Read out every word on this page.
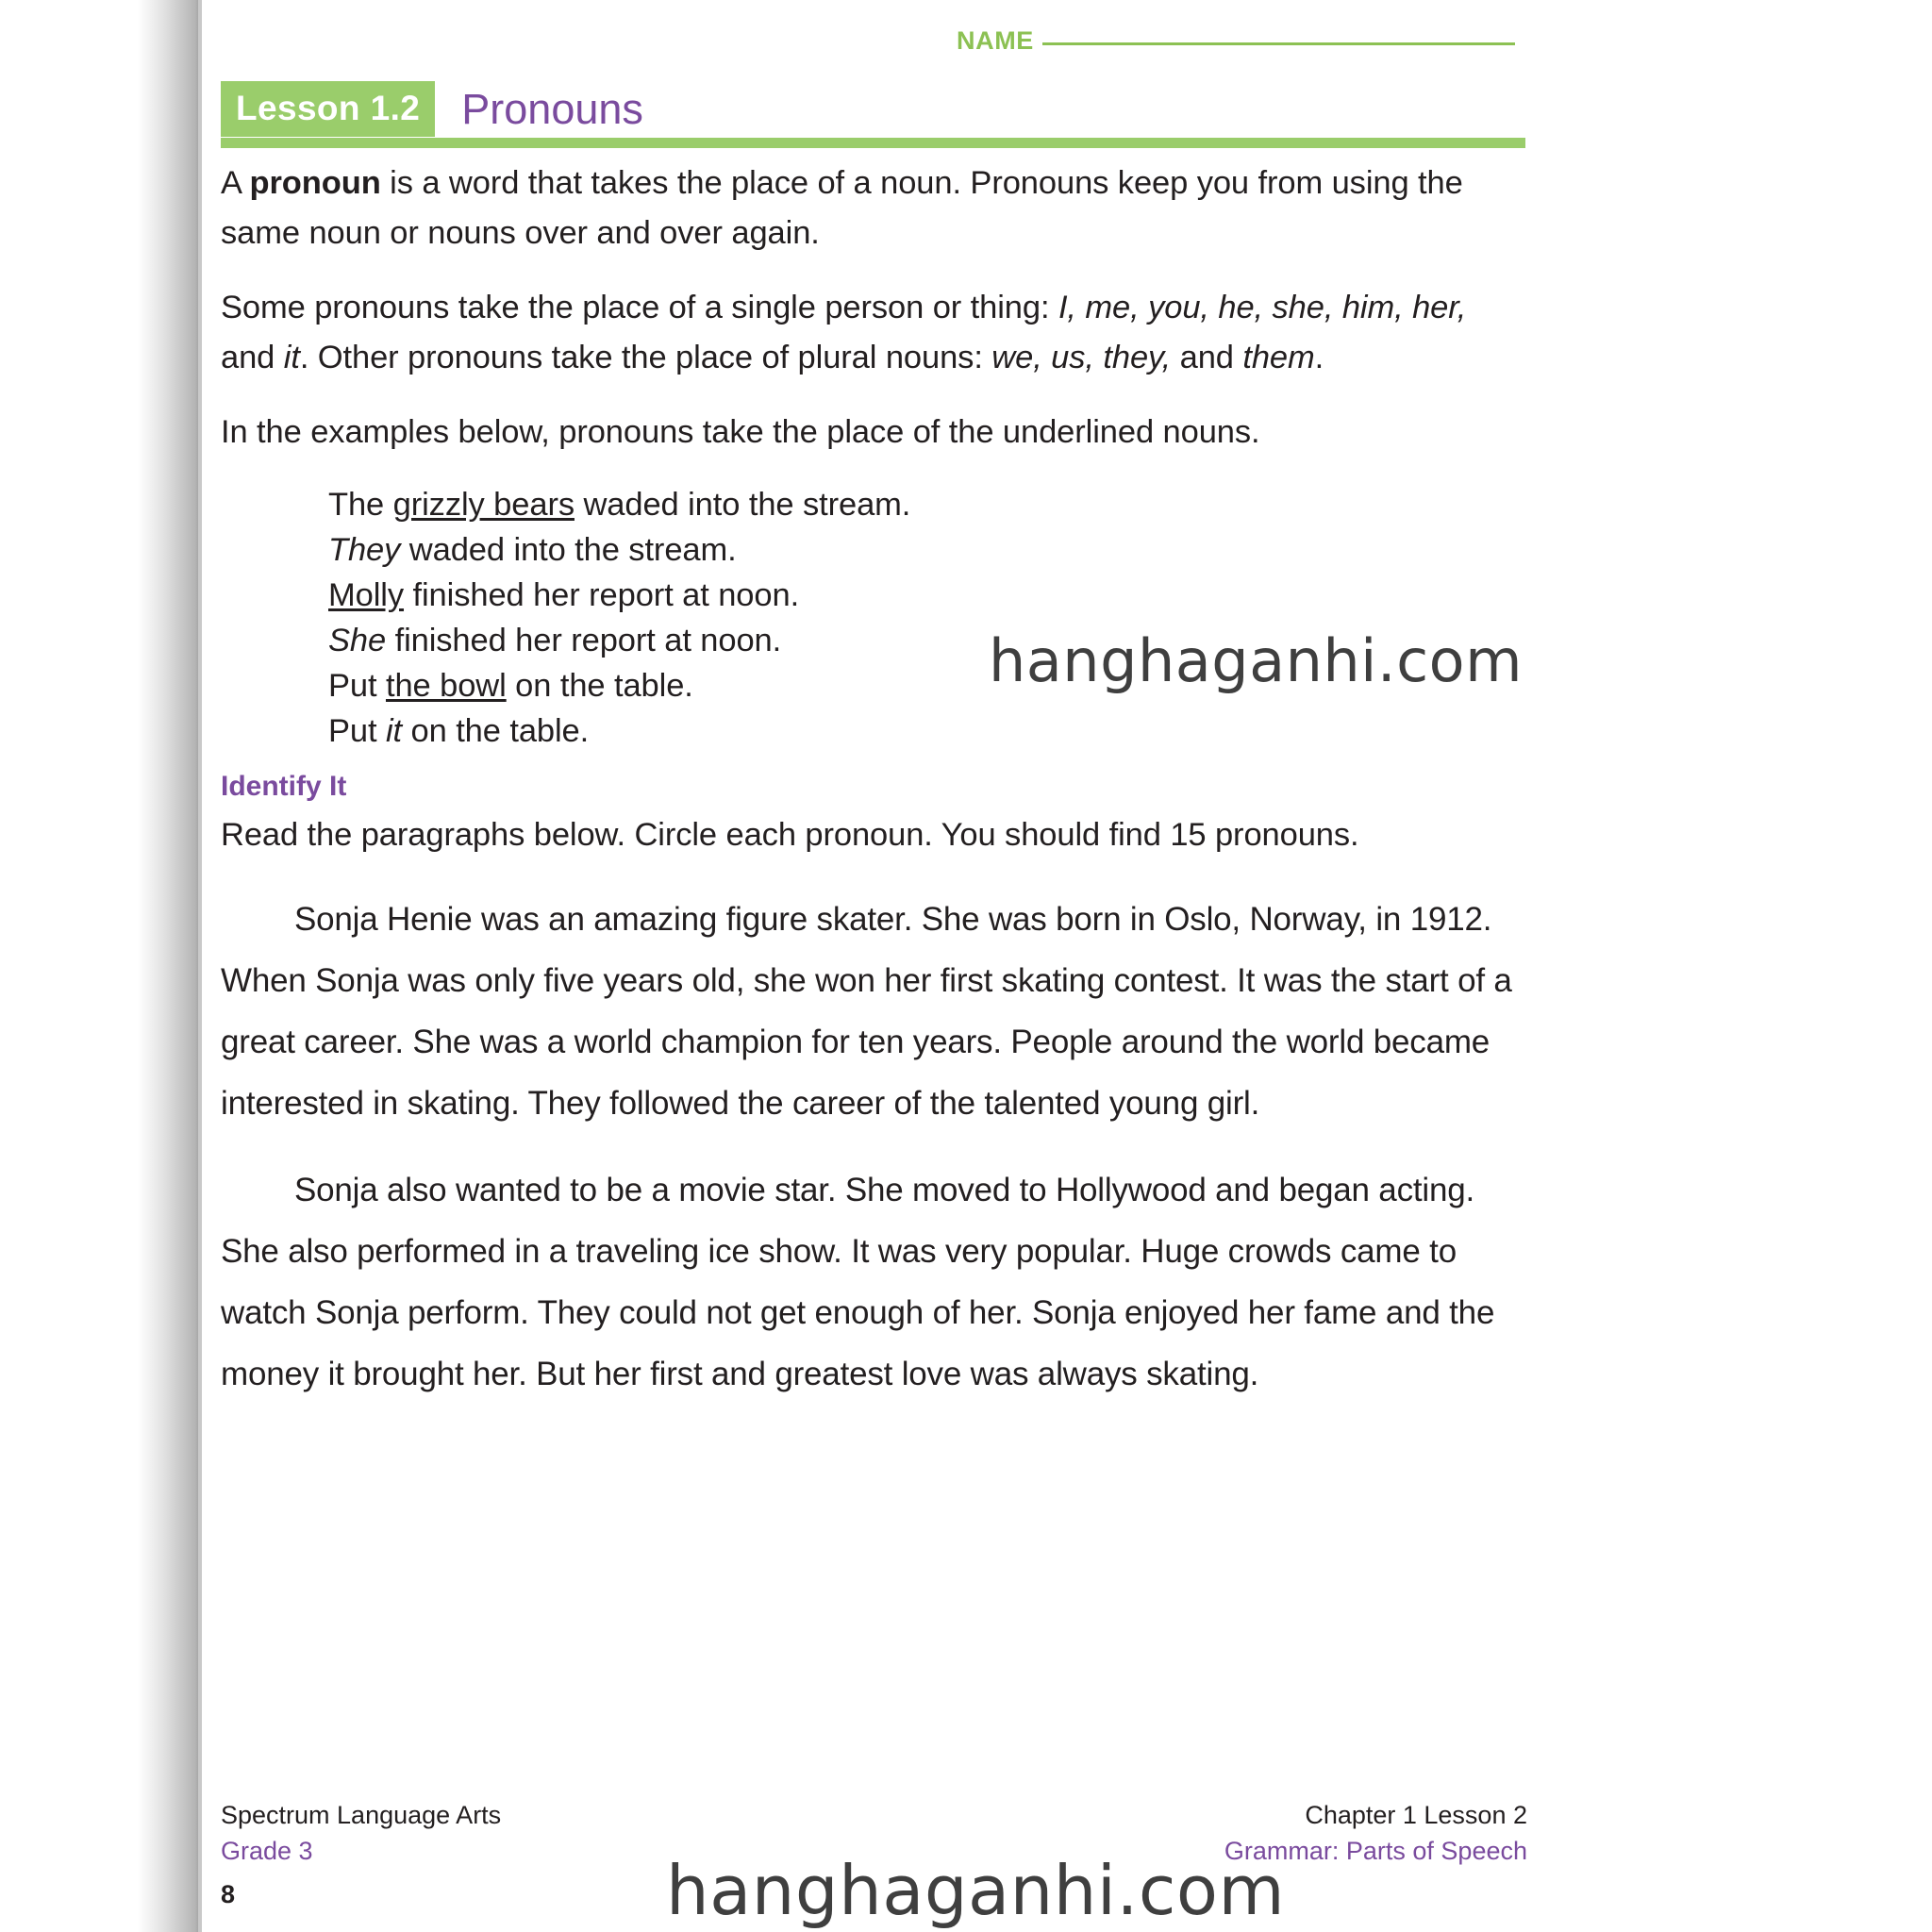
NAME
Lesson 1.2 Pronouns

A pronoun is a word that takes the place of a noun. Pronouns keep you from using the same noun or nouns over and over again.

Some pronouns take the place of a single person or thing: I, me, you, he, she, him, her, and it. Other pronouns take the place of plural nouns: we, us, they, and them.

In the examples below, pronouns take the place of the underlined nouns.

The grizzly bears waded into the stream.
They waded into the stream.
Molly finished her report at noon.
She finished her report at noon.
Put the bowl on the table.
Put it on the table.
Identify It
Read the paragraphs below. Circle each pronoun. You should find 15 pronouns.
Sonja Henie was an amazing figure skater. She was born in Oslo, Norway, in 1912. When Sonja was only five years old, she won her first skating contest. It was the start of a great career. She was a world champion for ten years. People around the world became interested in skating. They followed the career of the talented young girl.
Sonja also wanted to be a movie star. She moved to Hollywood and began acting. She also performed in a traveling ice show. It was very popular. Huge crowds came to watch Sonja perform. They could not get enough of her. Sonja enjoyed her fame and the money it brought her. But her first and greatest love was always skating.
Spectrum Language Arts
Grade 3
Chapter 1 Lesson 2
Grammar: Parts of Speech
8
hanghaganhi.com
hanghaganhi.com
